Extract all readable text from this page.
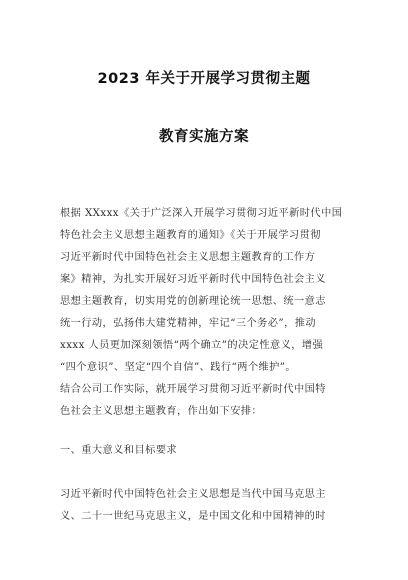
2023 年关于开展学习贯彻主题
教育实施方案
根据 XXxxx《关于广泛深入开展学习贯彻习近平新时代中国
特色社会主义思想主题教育的通知》《关于开展学习贯彻
习近平新时代中国特色社会主义思想主题教育的工作方
案》精神，为扎实开展好习近平新时代中国特色社会主义
思想主题教育，切实用党的创新理论统一思想、统一意志
统一行动，弘扬伟大建党精神，牢记“三个务必”，推动
xxxx 人员更加深刻领悟“两个确立”的决定性意义，增强
“四个意识”、坚定“四个自信”、践行“两个维护”。
结合公司工作实际，就开展学习贯彻习近平新时代中国特
色社会主义思想主题教育，作出如下安排：
一、重大意义和目标要求
习近平新时代中国特色社会主义思想是当代中国马克思主
义、二十一世纪马克思主义，是中国文化和中国精神的时
